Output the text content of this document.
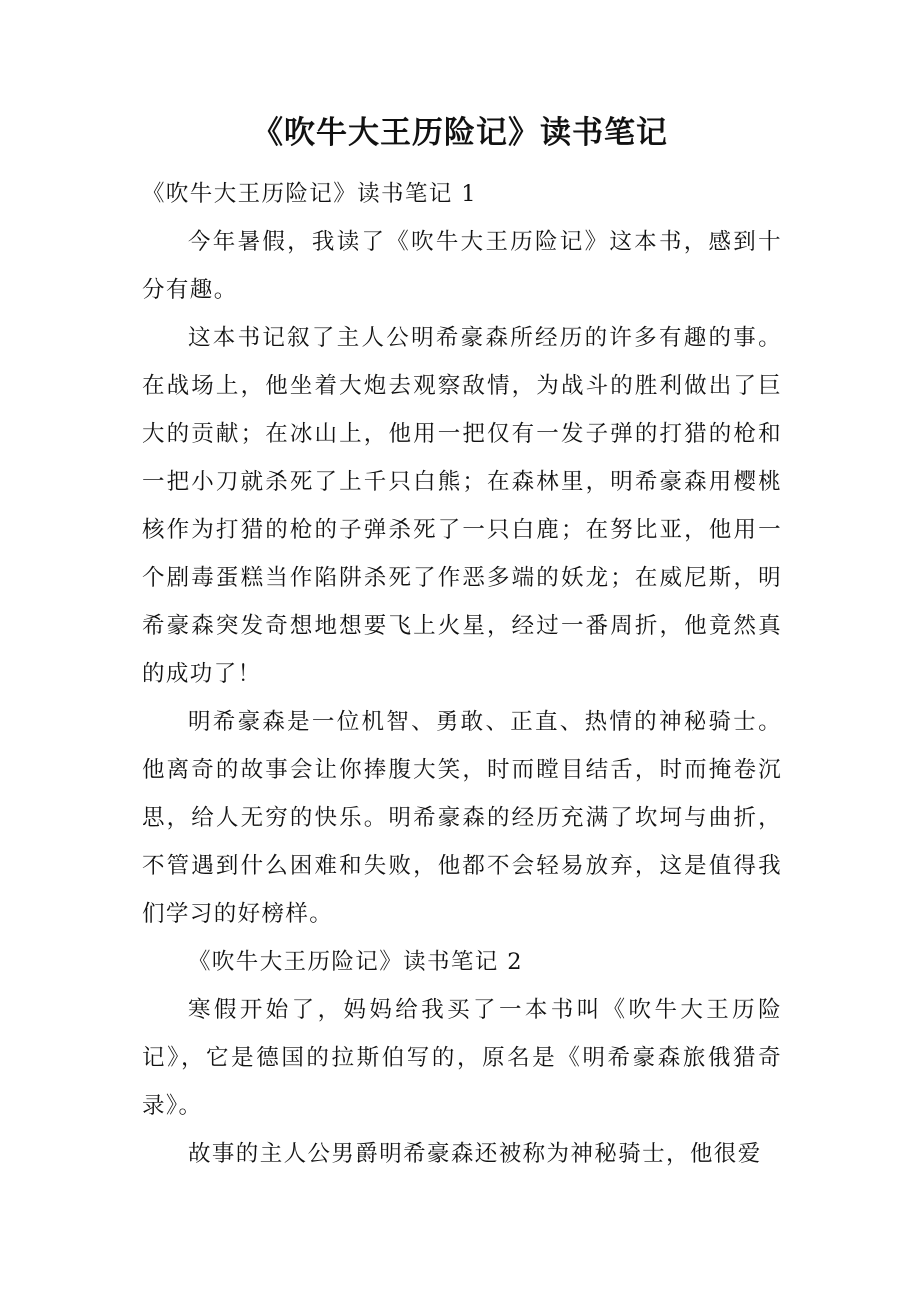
《吹牛大王历险记》读书笔记

《吹牛大王历险记》读书笔记 1

今年暑假，我读了《吹牛大王历险记》这本书，感到十分有趣。

这本书记叙了主人公明希豪森所经历的许多有趣的事。在战场上，他坐着大炮去观察敌情，为战斗的胜利做出了巨大的贡献；在冰山上，他用一把仅有一发子弹的打猎的枪和一把小刀就杀死了上千只白熊；在森林里，明希豪森用樱桃核作为打猎的枪的子弹杀死了一只白鹿；在努比亚，他用一个剧毒蛋糕当作陷阱杀死了作恶多端的妖龙；在威尼斯，明希豪森突发奇想地想要飞上火星，经过一番周折，他竟然真的成功了！

明希豪森是一位机智、勇敢、正直、热情的神秘骑士。他离奇的故事会让你捧腹大笑，时而瞠目结舌，时而掩卷沉思，给人无穷的快乐。明希豪森的经历充满了坎坷与曲折，不管遇到什么困难和失败，他都不会轻易放弃，这是值得我们学习的好榜样。

《吹牛大王历险记》读书笔记 2

寒假开始了，妈妈给我买了一本书叫《吹牛大王历险记》，它是德国的拉斯伯写的，原名是《明希豪森旅俄猎奇录》。

故事的主人公男爵明希豪森还被称为神秘骑士，他很爱
